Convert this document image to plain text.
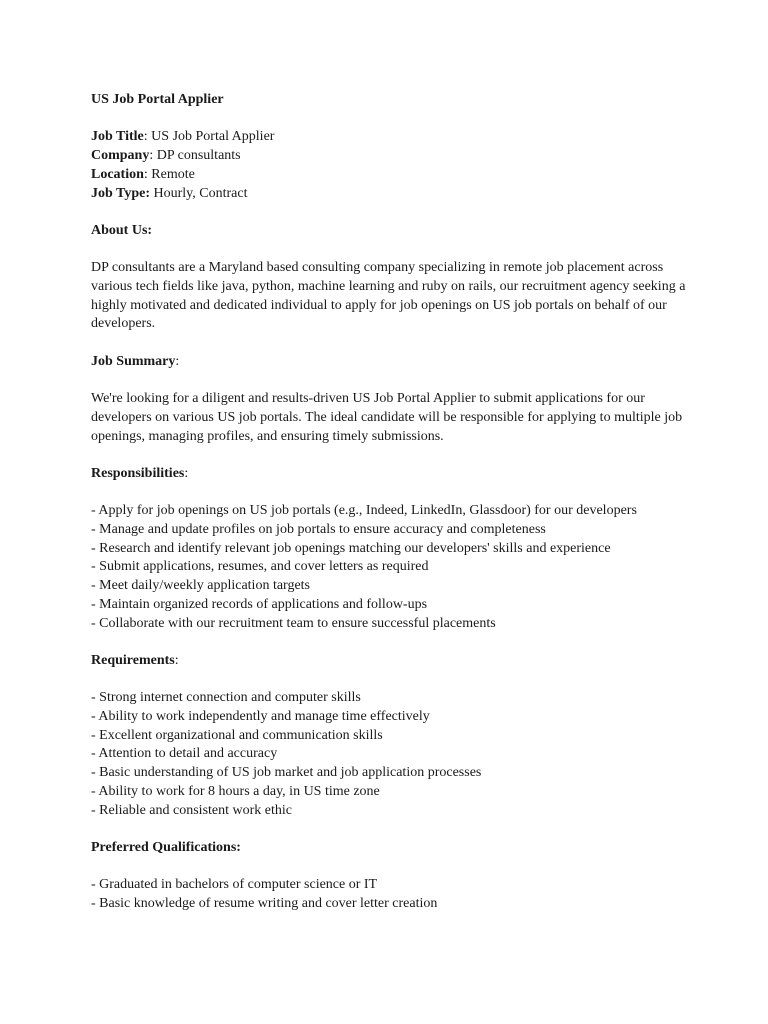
US Job Portal Applier

Job Title: US Job Portal Applier

Company: DP consultants

Location: Remote

Job Type: Hourly, Contract

About Us:

DP consultants are a Maryland based consulting company specializing in remote job placement across various tech fields like java, python, machine learning and ruby on rails, our recruitment agency seeking a highly motivated and dedicated individual to apply for job openings on US job portals on behalf of our developers.

Job Summary:

We're looking for a diligent and results-driven US Job Portal Applier to submit applications for our developers on various US job portals. The ideal candidate will be responsible for applying to multiple job openings, managing profiles, and ensuring timely submissions.

Responsibilities:

- Apply for job openings on US job portals (e.g., Indeed, LinkedIn, Glassdoor) for our developers

- Manage and update profiles on job portals to ensure accuracy and completeness

- Research and identify relevant job openings matching our developers' skills and experience

- Submit applications, resumes, and cover letters as required

- Meet daily/weekly application targets

- Maintain organized records of applications and follow-ups

- Collaborate with our recruitment team to ensure successful placements

Requirements:

- Strong internet connection and computer skills

- Ability to work independently and manage time effectively

- Excellent organizational and communication skills

- Attention to detail and accuracy

- Basic understanding of US job market and job application processes

- Ability to work for 8 hours a day, in US time zone

- Reliable and consistent work ethic

Preferred Qualifications:

- Graduated in bachelors of computer science or IT

- Basic knowledge of resume writing and cover letter creation
